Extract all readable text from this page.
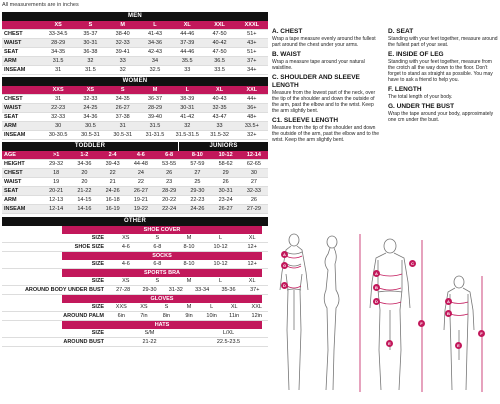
All measurements are in inches
MEN
XS	S	M	L	XL	XXL	XXXL
CHEST	33-34.5	35-37	38-40	41-43	44-46	47-50	51+
WAIST	28-29	30-31	32-33	34-36	37-39	40-42	43+
SEAT	34-35	36-38	39-41	42-43	44-46	47-50	51+
ARM	31.5	32	33	34	35.5	36.5	37+
INSEAM	31	31.5	32	32.5	33	33.5	34+
WOMEN
XXS	XS	S	M	L	XL	XXL
CHEST	31	32-33	34-35	36-37	38-39	40-43	44+
WAIST	22-23	24-25	26-27	28-29	30-31	32-35	36+
SEAT	32-33	34-36	37-38	39-40	41-42	43-47	48+
ARM	30	30.5	31	31.5	32	33	33.5+
INSEAM	30-30.5	30.5-31	30.5-31	31-31.5	31.5-31.5	31.5-32	32+
TODDLER	JUNIORS
AGE	>1	1-2	2-4	4-6	6-8	8-10	10-12	12-14
HEIGHT	29-32	34-36	39-43	44-48	53-55	57-59	58-62	62-65
CHEST	18	20	22	24	26	27	29	30
WAIST	19	20	21	22	23	25	26	27
SEAT	20-21	21-22	24-26	26-27	28-29	29-30	30-31	32-33
ARM	12-13	14-15	16-18	19-21	20-22	22-23	23-24	26
INSEAM	12-14	14-16	16-19	19-22	22-24	24-26	26-27	27-29
OTHER
SHOE COVER
SIZE	XS	S	M	L	XL
SHOE SIZE	4-6	6-8	8-10	10-12	12+
SOCKS
SIZE	4-6	6-8	8-10	10-12	12+
SPORTS BRA
SIZE	XS	S	M	L	XL
AROUND BODY UNDER BUST	27-28	29-30	31-32	33-34	35-36	37+
GLOVES
SIZE	XXS	XS	S	M	L	XL	XXL
AROUND PALM	6in	7in	8in	9in	10in	11in	12in
HATS
SIZE	S/M	L/XL
AROUND BUST	21-22	22.5-23.5
A. CHEST
Wrap a tape measure evenly around the fullest part around the chest under your arms.
B. WAIST
Wrap a measure tape around your natural waistline.
C. SHOULDER AND SLEEVE LENGTH
Measure from the lowest part of the neck, over the tip of the shoulder and down the outside of the arm, past the elbow and to the wrist. Keep the arm slightly bent.
C1. SLEEVE LENGTH
Measure from the tip of the shoulder and down the outside of the arm, past the elbow and to the wrist. Keep the arm slightly bent.
D. SEAT
Standing with your feet together, measure around the fullest part of your seat.
E. INSIDE OF LEG
Standing with your feet together, measure from the crotch all the way down to the floor. Don't forget to stand as straight as possible. You may have to ask a friend to help you.
F. LENGTH
The total length of your body.
G. UNDER THE BUST
Wrap the tape around your body, approximately one cm under the bust.
A
G
D
A
B
D
C
E
F
A
B
E
F
